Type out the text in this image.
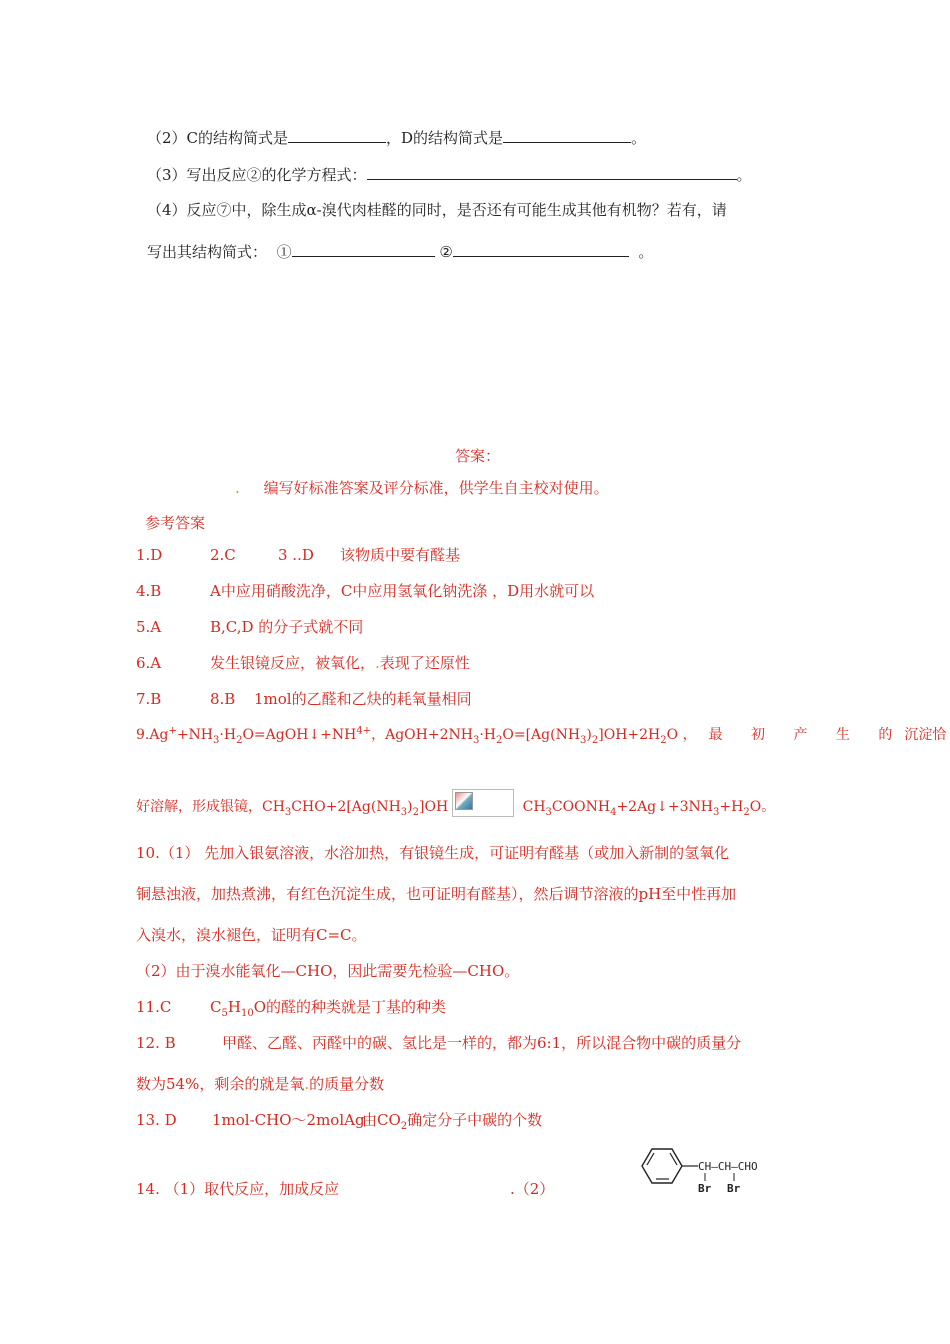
（2）C的结构简式是	，D的结构简式是	。
（3）写出反应②的化学方程式：	。
（4）反应⑦中，除生成α-溴代肉桂醛的同时，是否还有可能生成其他有机物？若有，请
写出其结构简式： ①	②	。
答案：
. 编写好标准答案及评分标准，供学生自主校对使用。
参考答案
1.D	2.C	3 ..D 该物质中要有醛基
4.B	A中应用硝酸洗净，C中应用氢氧化钠洗涤 ，D用水就可以
5.A	B,C,D 的分子式就不同
6.A	发生银镜反应，被氧化，.表现了还原性
7.B	8.B 1mol的乙醛和乙炔的耗氧量相同
$9.Ag^++NH_3\cdot H_2O=AgOH↓+NH^{4+}$，$AgOH+2NH_3\cdot H_2O=[Ag(NH_3)_2]OH+2H_2O$ ，最 初 产 生 的沉淀恰
好溶解，形成银镜，$CH_3CHO+2[Ag(NH_3)_2]OH$	$CH_3COONH_4+2Ag↓+3NH_3+H_2O$。
10.（1） 先加入银氨溶液，水浴加热，有银镜生成，可证明有醛基（或加入新制的氢氧化
铜悬浊液，加热煮沸，有红色沉淀生成，也可证明有醛基），然后调节溶液的pH至中性再加
入溴水，溴水褪色，证明有C=C。
（2）由于溴水能氧化—CHO，因此需要先检验—CHO。
11.C	$C_5H_{10}O$的醛的种类就是丁基的种类
12. B	甲醛、乙醛、丙醛中的碳、氢比是一样的，都为6:1，所以混合物中碳的质量分
数为54%，剩余的就是氧.的质量分数
13. D 1mol-CHO～2molAg
由$CO_2$确定分子中碳的个数
14. （1）取代反应，加成反应	.（2）
CH—CH—CHO
Br Br
